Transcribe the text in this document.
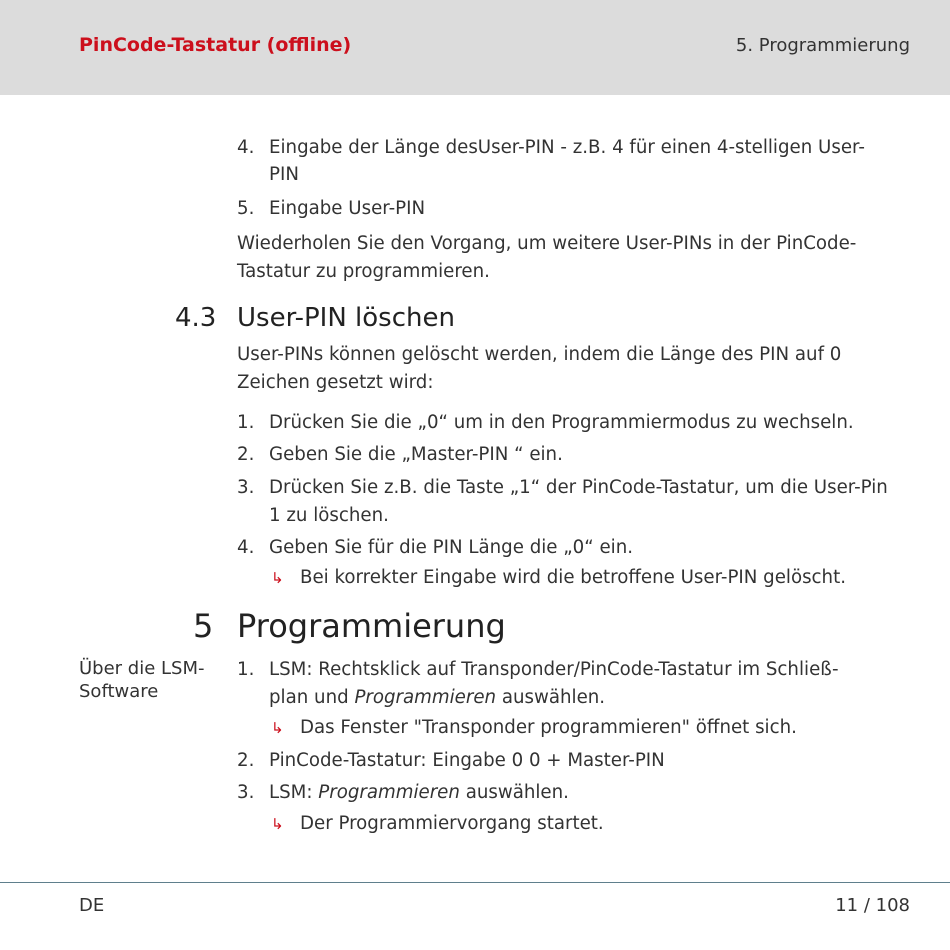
PinCode-Tastatur (offline)	5. Programmierung
4. Eingabe der Länge desUser-PIN - z.B. 4 für einen 4-stelligen User-
PIN
5. Eingabe User-PIN
Wiederholen Sie den Vorgang, um weitere User-PINs in der PinCode-
Tastatur zu programmieren.
4.3 User-PIN löschen
User-PINs können gelöscht werden, indem die Länge des PIN auf 0
Zeichen gesetzt wird:
1. Drücken Sie die „0“ um in den Programmiermodus zu wechseln.
2. Geben Sie die „Master-PIN “ ein.
3. Drücken Sie z.B. die Taste „1“ der PinCode-Tastatur, um die User-Pin
1 zu löschen.
4. Geben Sie für die PIN Länge die „0“ ein.
↳ Bei korrekter Eingabe wird die betroffene User-PIN gelöscht.
5 Programmierung
Über die LSM-
Software
1. LSM: Rechtsklick auf Transponder/PinCode-Tastatur im Schließ-
plan und Programmieren auswählen.
↳ Das Fenster "Transponder programmieren" öffnet sich.
2. PinCode-Tastatur: Eingabe 0 0 + Master-PIN
3. LSM: Programmieren auswählen.
↳ Der Programmiervorgang startet.
DE	11 / 108
